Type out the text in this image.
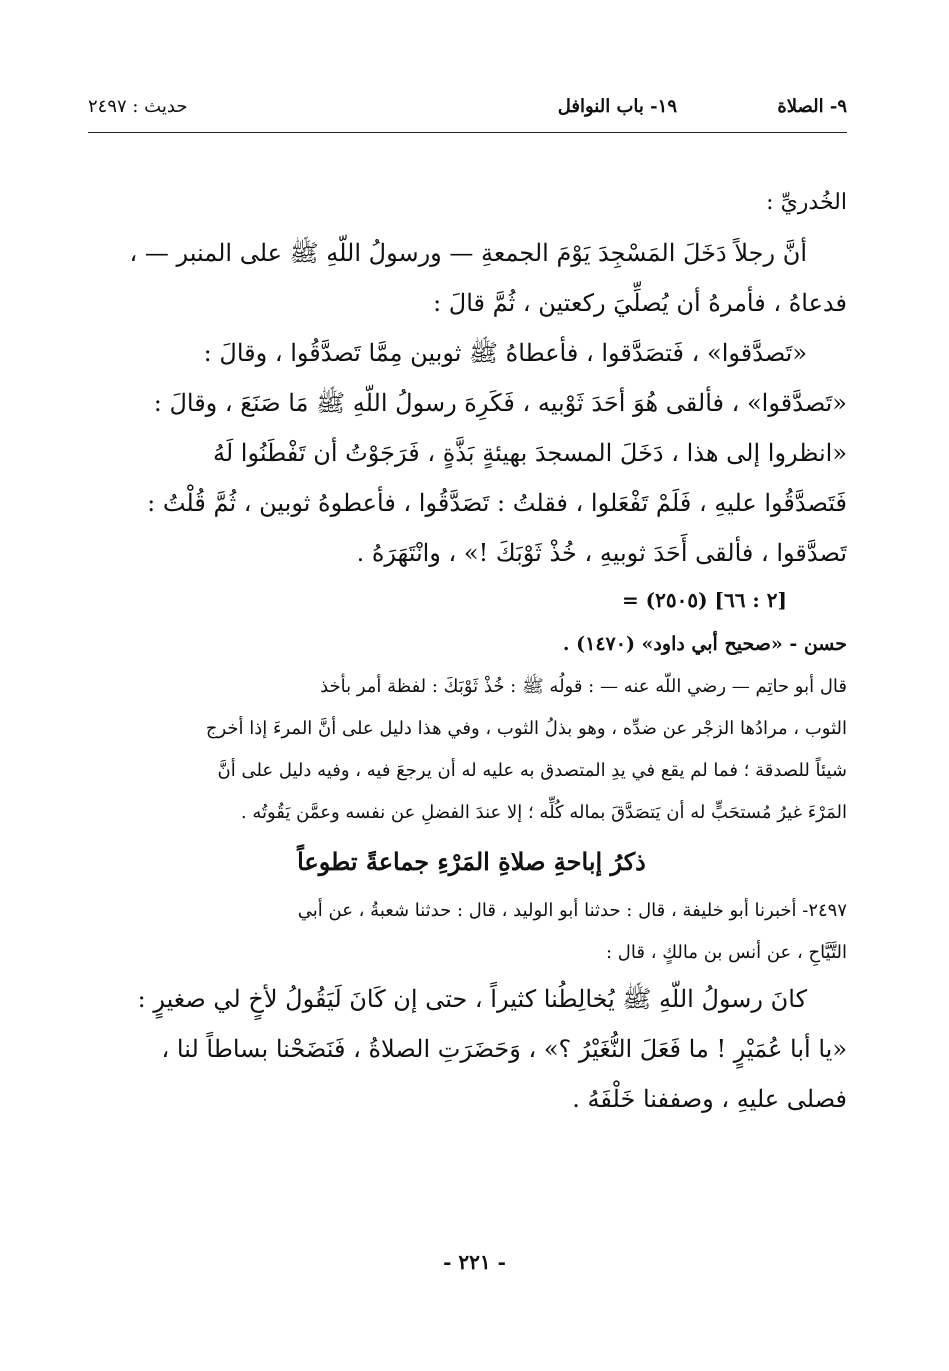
٩- الصلاة
١٩- باب النوافل
حديث : ٢٤٩٧
الخُدريِّ :
أنَّ رجلاً دَخَلَ المَسْجِدَ يَوْمَ الجمعةِ — ورسولُ اللّهِ ﷺ على المنبر — ،
فدعاهُ ، فأمرهُ أن يُصلِّيَ ركعتين ، ثُمَّ قالَ :
«تَصدَّقوا» ، فَتصَدَّقوا ، فأعطاهُ ﷺ ثوبين مِمَّا تَصدَّقُوا ، وقالَ :
«تَصدَّقوا» ، فألقى هُوَ أحَدَ ثَوْبيه ، فَكَرِهَ رسولُ اللّهِ ﷺ مَا صَنَعَ ، وقالَ :
«انظروا إلى هذا ، دَخَلَ المسجدَ بهيئةٍ بَذَّةٍ ، فَرَجَوْتُ أن تَفْطَنُوا لَهُ
فَتَصدَّقُوا عليهِ ، فَلَمْ تَفْعَلوا ، فقلتُ : تَصَدَّقُوا ، فأعطوهُ ثوبين ، ثُمَّ قُلْتُ :
تَصدَّقوا ، فألقى أَحَدَ ثوبيهِ ، خُذْ ثَوْبَكَ !» ، وانْتَهَرَهُ .
= (٢٥٠٥) [٢ : ٦٦]
حسن - «صحيح أبي داود» (١٤٧٠) .
قال أبو حاتِم — رضي اللّه عنه — : قولُه ﷺ : خُذْ ثَوْبَكَ : لفظة أمر بأخذ
الثوب ، مرادُها الزجْر عن ضدِّه ، وهو بذلُ الثوب ، وفي هذا دليل على أنَّ المرءَ إذا أخرج
شيئاً للصدقة ؛ فما لم يقع في يدِ المتصدق به عليه له أن يرجعَ فيه ، وفيه دليل على أنَّ
المَرْءَ غيرُ مُستحَبٍّ له أن يَتصَدَّقَ بماله كُلِّه ؛ إلا عندَ الفضلِ عن نفسه وعمَّن يَقُوتُه .
ذكرُ إباحةِ صلاةِ المَرْءِ جماعةً تطوعاً
٢٤٩٧- أخبرنا أبو خليفة ، قال : حدثنا أبو الوليد ، قال : حدثنا شعبةُ ، عن أبي
التَّيَّاحِ ، عن أنس بن مالكٍ ، قال :
كانَ رسولُ اللّهِ ﷺ يُخالِطُنا كثيراً ، حتى إن كَانَ لَيَقُولُ لأخٍ لي صغيرٍ :
«يا أبا عُمَيْرٍ ! ما فَعَلَ النُّغَيْرُ ؟» ، وَحَضَرَتِ الصلاةُ ، فَنَضَحْنا بساطاً لنا ،
فصلى عليهِ ، وصففنا خَلْفَهُ .
- ٢٢١ -
